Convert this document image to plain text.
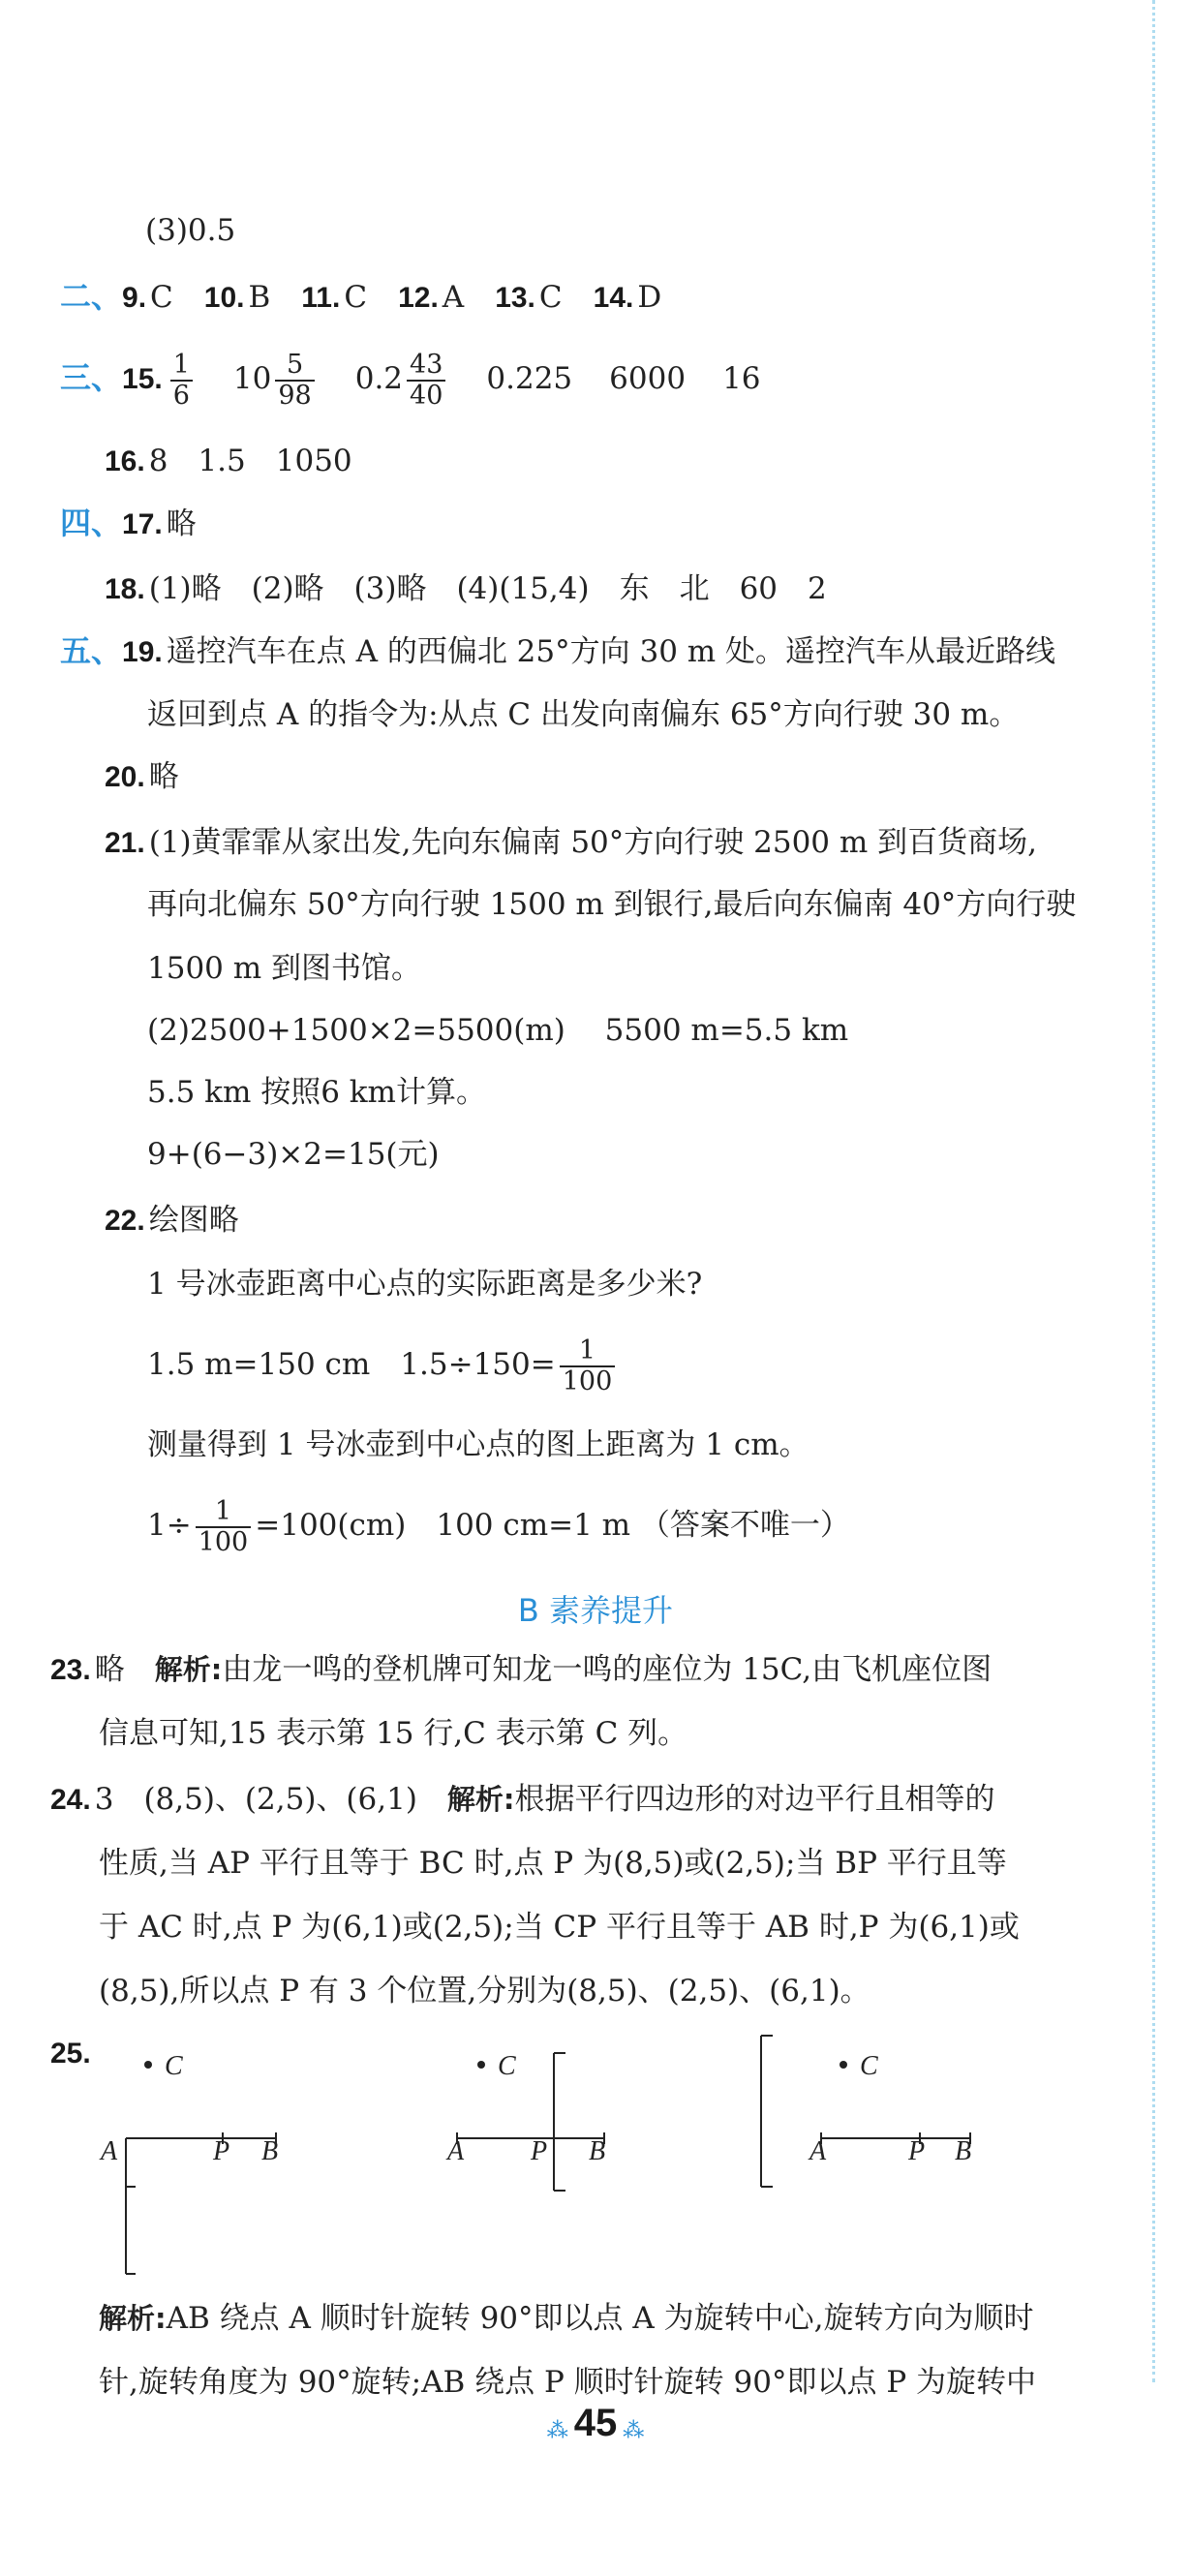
(3)0.5
二、9. C 10. B 11. C 12. A 13. C 14. D
三、15. $\frac{1}{6} 10 \frac{5}{98} 0.2 \frac{43}{40} 0.225$ 6000 16
16. 8　1.5　1050
四、17. 略
18. (1)略　(2)略　(3)略　(4)(15,4)　东　北　60　2
五、19. 遥控汽车在点 A 的西偏北 25°方向 30 m 处。遥控汽车从最近路线
返回到点 A 的指令为:从点 C 出发向南偏东 65°方向行驶 30 m。
20. 略
21. (1)黄霏霏从家出发,先向东偏南 50°方向行驶 2500 m 到百货商场,
再向北偏东 50°方向行驶 1500 m 到银行,最后向东偏南 40°方向行驶
1500 m 到图书馆。
(2)2500+1500×2=5500(m)　 5500 m=5.5 km
5.5 km 按照6 km计算。
9+(6−3)×2=15(元)
22. 绘图略
1 号冰壶距离中心点的实际距离是多少米?
1.5 m=150 cm　$1.5\div 150= \frac{1}{100}$
测量得到 1 号冰壶到中心点的图上距离为 1 cm。
$1\div \frac{1}{100} =100(cm)$　100 cm=1 m （答案不唯一）
B 素养提升
23. 略　解析:由龙一鸣的登机牌可知龙一鸣的座位为 15C,由飞机座位图
信息可知,15 表示第 15 行,C 表示第 C 列。
24. 3　(8,5)、(2,5)、(6,1)　解析:根据平行四边形的对边平行且相等的
性质,当 AP 平行且等于 BC 时,点 P 为(8,5)或(2,5);当 BP 平行且等
于 AC 时,点 P 为(6,1)或(2,5);当 CP 平行且等于 AB 时,P 为(6,1)或
(8,5),所以点 P 有 3 个位置,分别为(8,5)、(2,5)、(6,1)。
25.	C
A	P B
C
A P B
C
A	P B
解析:AB 绕点 A 顺时针旋转 90°即以点 A 为旋转中心,旋转方向为顺时
针,旋转角度为 90°旋转;AB 绕点 P 顺时针旋转 90°即以点 P 为旋转中
⁂ 45 ⁂
